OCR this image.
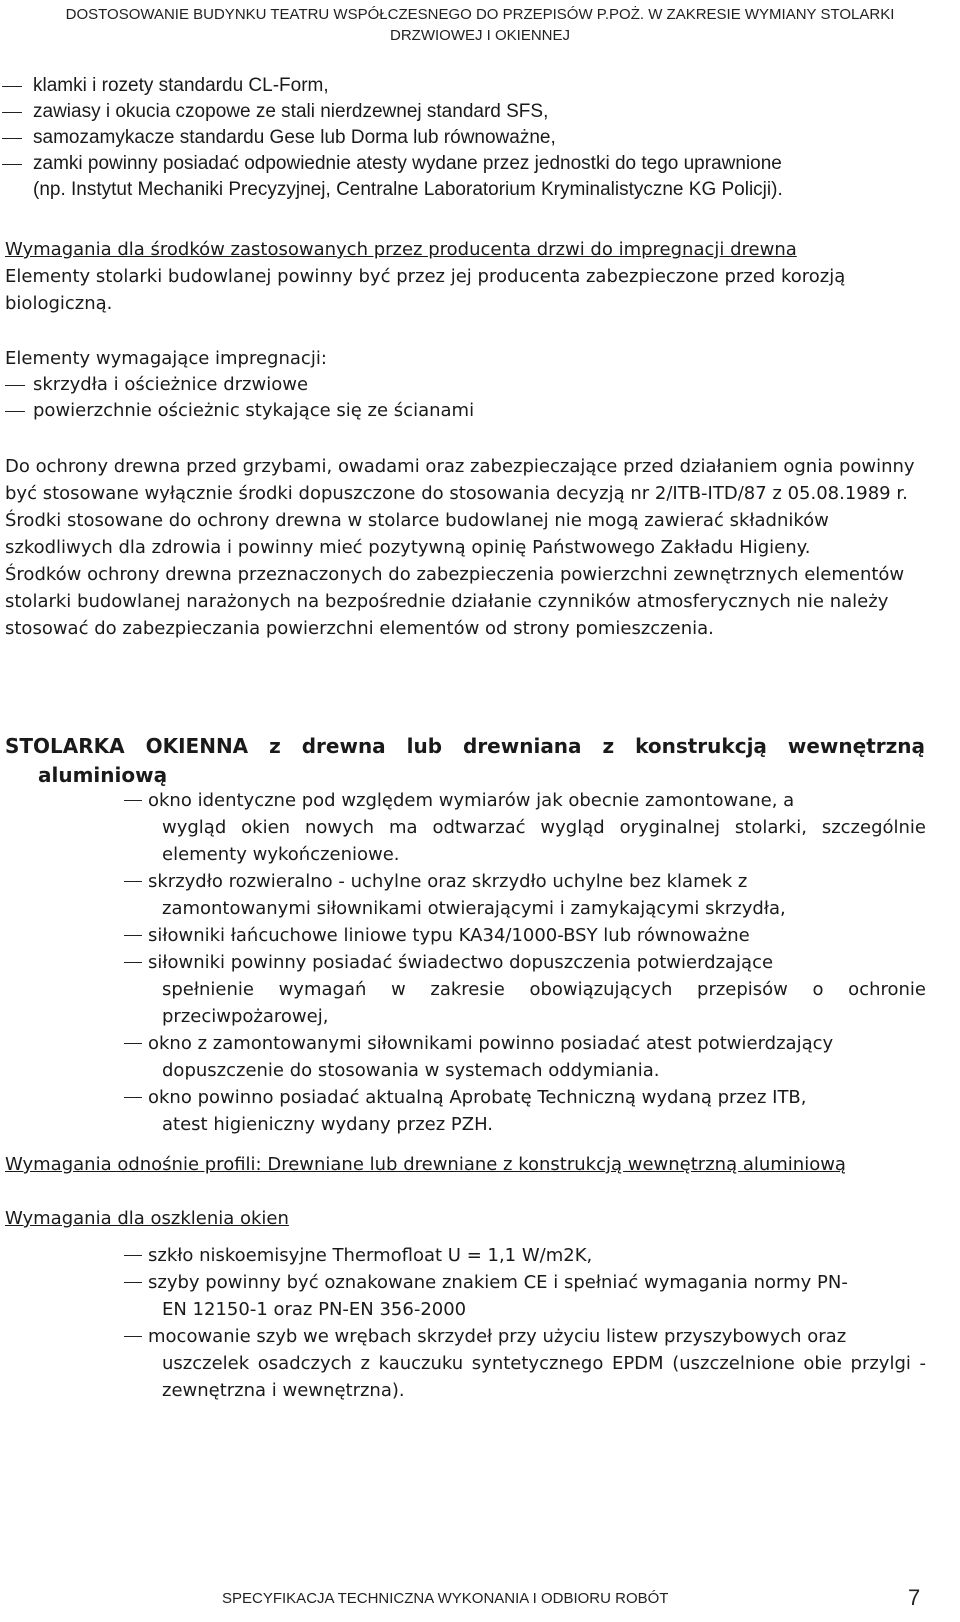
DOSTOSOWANIE BUDYNKU TEATRU WSPÓŁCZESNEGO DO PRZEPISÓW P.POŻ. W ZAKRESIE WYMIANY STOLARKI
DRZWIOWEJ I OKIENNEJ
klamki i rozety standardu CL-Form,
zawiasy i okucia czopowe ze stali nierdzewnej standard SFS,
samozamykacze standardu Gese lub Dorma lub równoważne,
zamki powinny posiadać odpowiednie atesty wydane przez jednostki do tego uprawnione
(np. Instytut Mechaniki Precyzyjnej, Centralne Laboratorium Kryminalistyczne KG Policji).
Wymagania dla środków zastosowanych przez producenta drzwi do impregnacji drewna
Elementy stolarki budowlanej powinny być przez jej producenta zabezpieczone przed korozją biologiczną.
Elementy wymagające impregnacji:
skrzydła i ościeżnice drzwiowe
powierzchnie ościeżnic stykające się ze ścianami
Do ochrony drewna przed grzybami, owadami oraz zabezpieczające przed działaniem ognia powinny być stosowane wyłącznie środki dopuszczone do stosowania decyzją nr 2/ITB-ITD/87 z 05.08.1989 r.
Środki stosowane do ochrony drewna w stolarce budowlanej nie mogą zawierać składników szkodliwych dla zdrowia i powinny mieć pozytywną opinię Państwowego Zakładu Higieny.
Środków ochrony drewna przeznaczonych do zabezpieczenia powierzchni zewnętrznych elementów stolarki budowlanej narażonych na bezpośrednie działanie czynników atmosferycznych nie należy stosować do zabezpieczania powierzchni elementów od strony pomieszczenia.
STOLARKA OKIENNA z drewna lub drewniana z konstrukcją wewnętrzną
aluminiową
okno identyczne pod względem wymiarów jak obecnie zamontowane, a
wygląd okien nowych ma odtwarzać wygląd oryginalnej stolarki, szczególnie elementy wykończeniowe.
skrzydło rozwieralno - uchylne oraz skrzydło uchylne bez klamek z
zamontowanymi siłownikami otwierającymi i zamykającymi skrzydła,
siłowniki łańcuchowe liniowe typu KA34/1000-BSY lub równoważne
siłowniki powinny posiadać świadectwo dopuszczenia potwierdzające
spełnienie wymagań w zakresie obowiązujących przepisów o ochronie przeciwpożarowej,
okno z zamontowanymi siłownikami powinno posiadać atest potwierdzający
dopuszczenie do stosowania w systemach oddymiania.
okno powinno posiadać aktualną Aprobatę Techniczną wydaną przez ITB,
atest higieniczny wydany przez PZH.
Wymagania odnośnie profili: Drewniane lub drewniane z konstrukcją wewnętrzną aluminiową
Wymagania dla oszklenia okien
szkło niskoemisyjne Thermofloat U = 1,1 W/m2K,
szyby powinny być oznakowane znakiem CE i spełniać wymagania normy PN-
EN 12150-1 oraz PN-EN 356-2000
mocowanie szyb we wrębach skrzydeł przy użyciu listew przyszybowych oraz
uszczelek osadczych z kauczuku syntetycznego EPDM (uszczelnione obie przylgi - zewnętrzna i wewnętrzna).
SPECYFIKACJA TECHNICZNA WYKONANIA I ODBIORU ROBÓT	7
